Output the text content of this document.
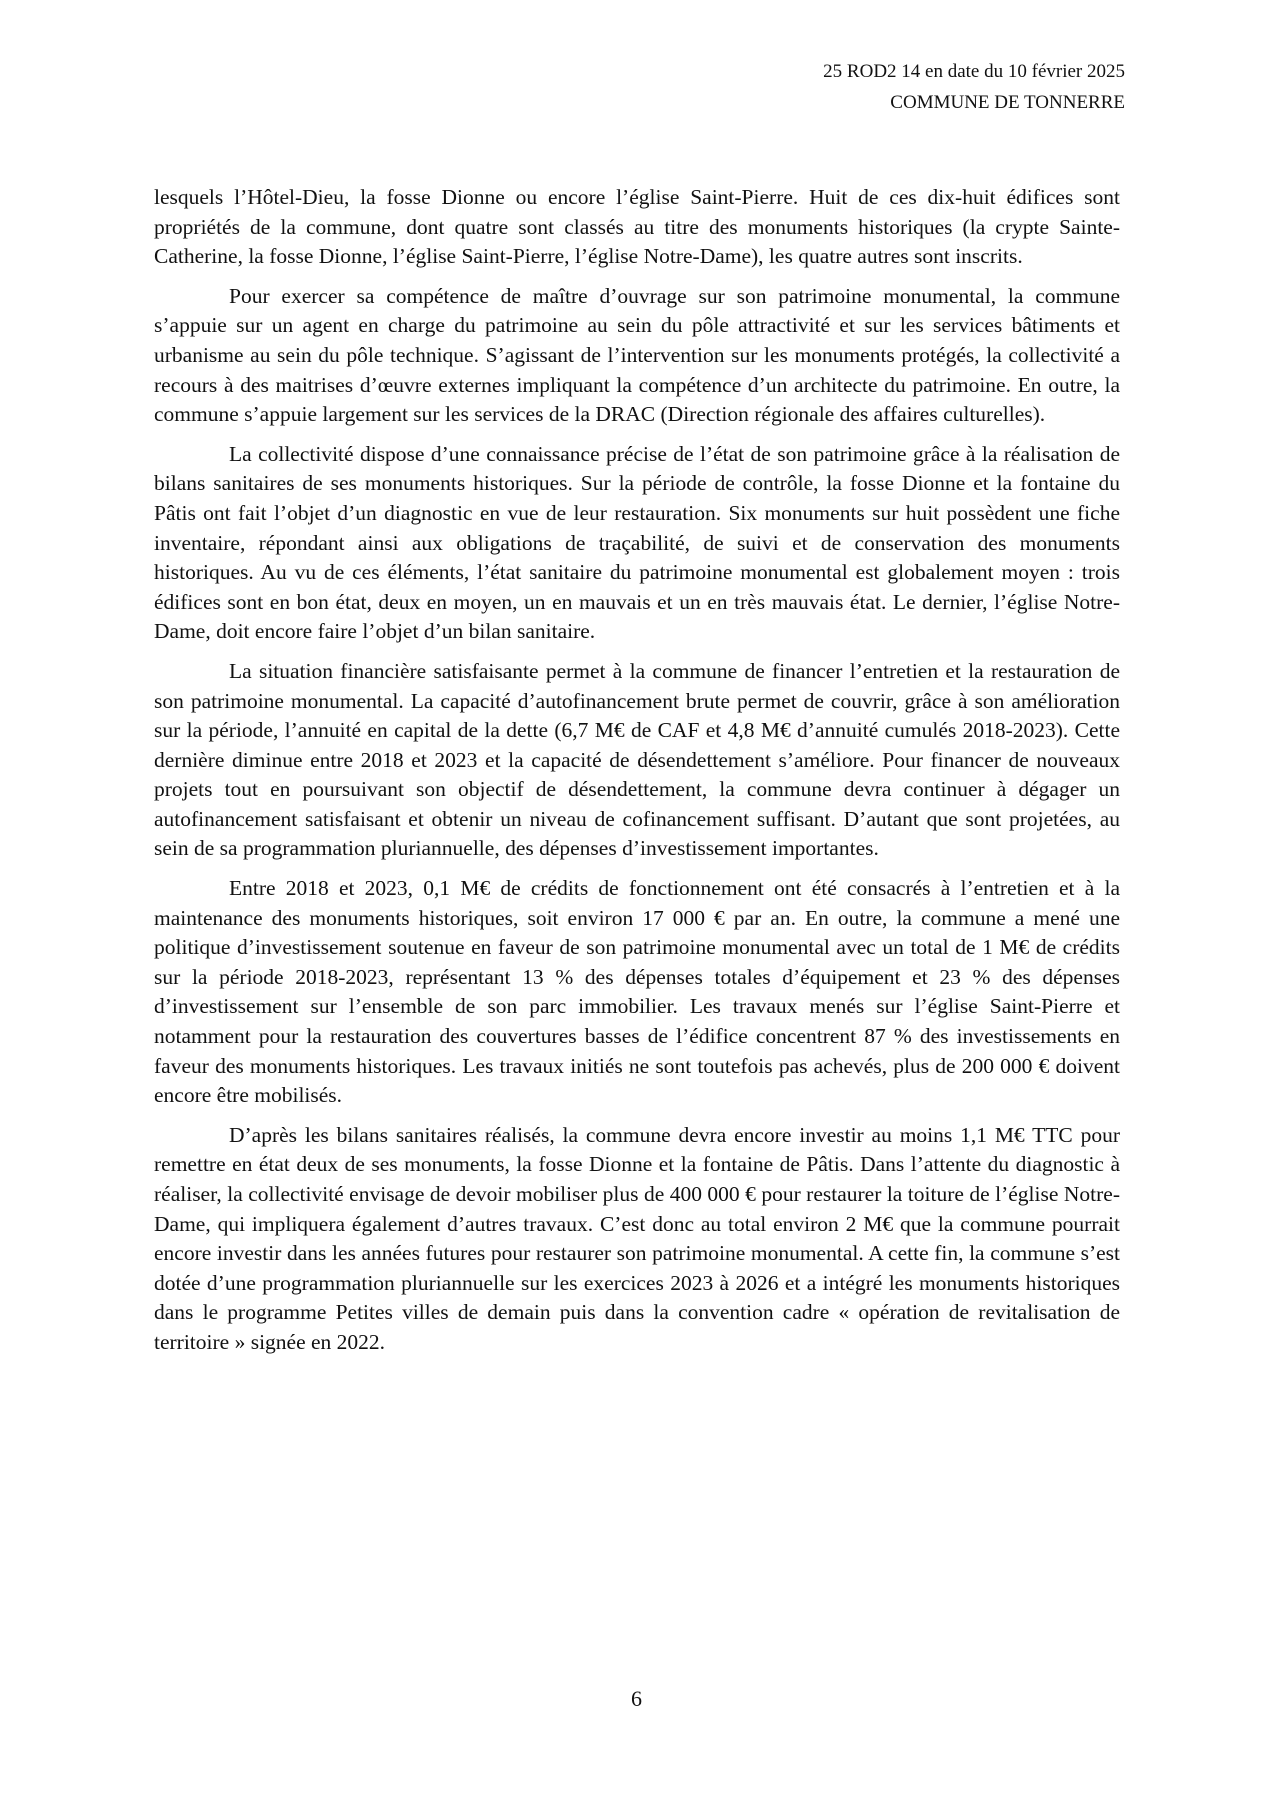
25 ROD2 14 en date du 10 février 2025
COMMUNE DE TONNERRE

lesquels l’Hôtel-Dieu, la fosse Dionne ou encore l’église Saint-Pierre. Huit de ces dix-huit édifices sont propriétés de la commune, dont quatre sont classés au titre des monuments historiques (la crypte Sainte-Catherine, la fosse Dionne, l’église Saint-Pierre, l’église Notre-Dame), les quatre autres sont inscrits.

Pour exercer sa compétence de maître d’ouvrage sur son patrimoine monumental, la commune s’appuie sur un agent en charge du patrimoine au sein du pôle attractivité et sur les services bâtiments et urbanisme au sein du pôle technique. S’agissant de l’intervention sur les monuments protégés, la collectivité a recours à des maitrises d’œuvre externes impliquant la compétence d’un architecte du patrimoine. En outre, la commune s’appuie largement sur les services de la DRAC (Direction régionale des affaires culturelles).

La collectivité dispose d’une connaissance précise de l’état de son patrimoine grâce à la réalisation de bilans sanitaires de ses monuments historiques. Sur la période de contrôle, la fosse Dionne et la fontaine du Pâtis ont fait l’objet d’un diagnostic en vue de leur restauration. Six monuments sur huit possèdent une fiche inventaire, répondant ainsi aux obligations de traçabilité, de suivi et de conservation des monuments historiques. Au vu de ces éléments, l’état sanitaire du patrimoine monumental est globalement moyen : trois édifices sont en bon état, deux en moyen, un en mauvais et un en très mauvais état. Le dernier, l’église Notre-Dame, doit encore faire l’objet d’un bilan sanitaire.

La situation financière satisfaisante permet à la commune de financer l’entretien et la restauration de son patrimoine monumental. La capacité d’autofinancement brute permet de couvrir, grâce à son amélioration sur la période, l’annuité en capital de la dette (6,7 M€ de CAF et 4,8 M€ d’annuité cumulés 2018-2023). Cette dernière diminue entre 2018 et 2023 et la capacité de désendettement s’améliore. Pour financer de nouveaux projets tout en poursuivant son objectif de désendettement, la commune devra continuer à dégager un autofinancement satisfaisant et obtenir un niveau de cofinancement suffisant. D’autant que sont projetées, au sein de sa programmation pluriannuelle, des dépenses d’investissement importantes.

Entre 2018 et 2023, 0,1 M€ de crédits de fonctionnement ont été consacrés à l’entretien et à la maintenance des monuments historiques, soit environ 17 000 € par an. En outre, la commune a mené une politique d’investissement soutenue en faveur de son patrimoine monumental avec un total de 1 M€ de crédits sur la période 2018-2023, représentant 13 % des dépenses totales d’équipement et 23 % des dépenses d’investissement sur l’ensemble de son parc immobilier. Les travaux menés sur l’église Saint-Pierre et notamment pour la restauration des couvertures basses de l’édifice concentrent 87 % des investissements en faveur des monuments historiques. Les travaux initiés ne sont toutefois pas achevés, plus de 200 000 € doivent encore être mobilisés.

D’après les bilans sanitaires réalisés, la commune devra encore investir au moins 1,1 M€ TTC pour remettre en état deux de ses monuments, la fosse Dionne et la fontaine de Pâtis. Dans l’attente du diagnostic à réaliser, la collectivité envisage de devoir mobiliser plus de 400 000 € pour restaurer la toiture de l’église Notre-Dame, qui impliquera également d’autres travaux. C’est donc au total environ 2 M€ que la commune pourrait encore investir dans les années futures pour restaurer son patrimoine monumental. A cette fin, la commune s’est dotée d’une programmation pluriannuelle sur les exercices 2023 à 2026 et a intégré les monuments historiques dans le programme Petites villes de demain puis dans la convention cadre « opération de revitalisation de territoire » signée en 2022.

6
